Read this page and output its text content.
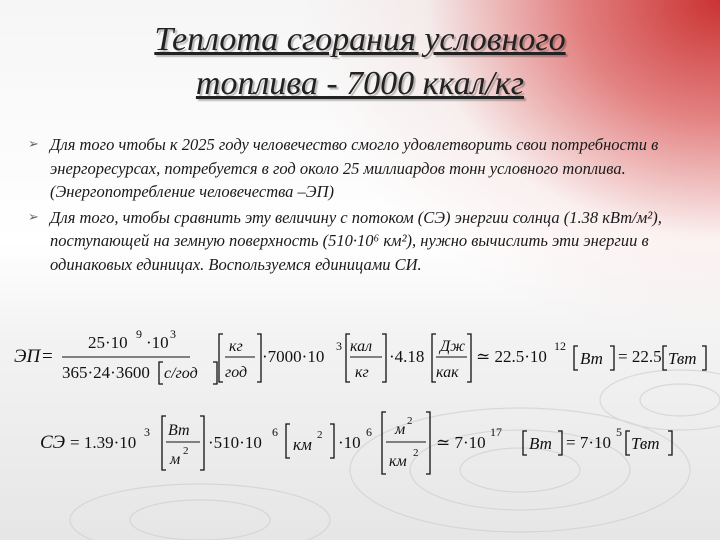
Теплота сгорания условного
топлива - 7000 ккал/кг
➢ Для того чтобы к 2025 году человечество смогло удовлетворить свои потребности в энергоресурсах, потребуется в год около 25 миллиардов тонн условного топлива. (Энергопотребление человечества –ЭП)
➢ Для того, чтобы сравнить эту величину с потоком (СЭ) энергии солнца (1.38 кВт/м²), поступающей на земную поверхность (510·10⁶ км²), нужно вычислить эти энергии в одинаковых единицах. Воспользуемся единицами СИ.
ЭП =
25·10 9 ·10 3
365·24·3600 с/год
кг
год
·7000·10
3 кал
кг
·4.18
Дж
как
≃ 22.5·10
12
Вт = 22.5 Твт
СЭ = 1.39·10
3 Вт
м 2 ·510·10
6
км 2 ·10
6 м 2
км 2
≃ 7·10
17
Вт = 7·10
5
Твт
